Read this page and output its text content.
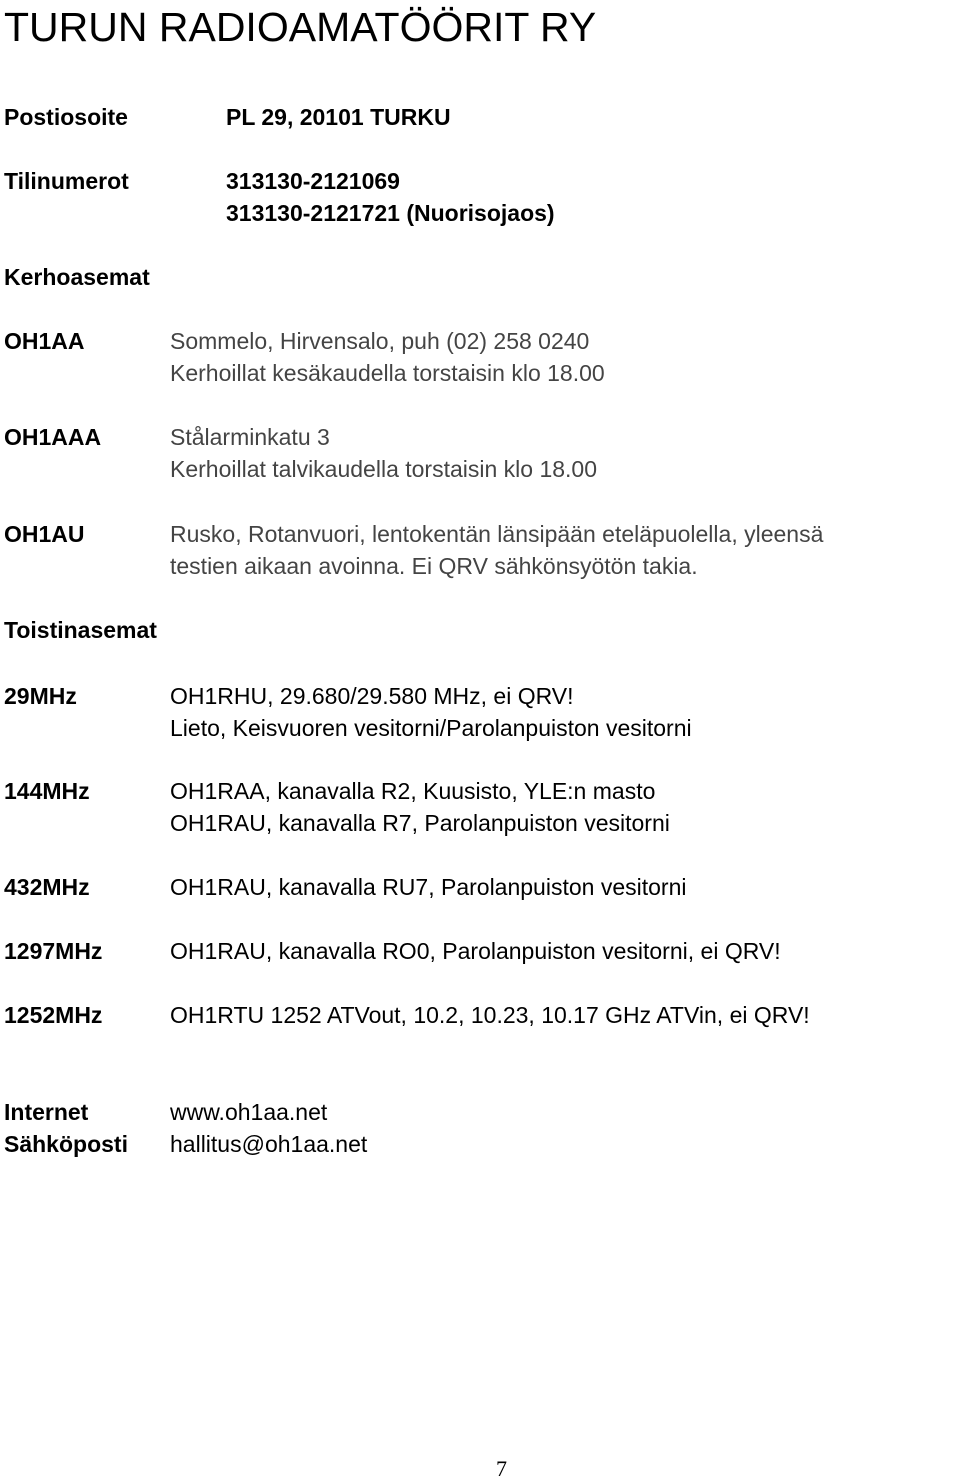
TURUN RADIOAMATÖÖRIT RY
Postiosoite	PL 29, 20101 TURKU
Tilinumerot	313130-2121069
313130-2121721 (Nuorisojaos)
Kerhoasemat
OH1AA	Sommelo, Hirvensalo, puh (02) 258 0240
Kerhoillat kesäkaudella torstaisin klo 18.00
OH1AAA	Stålarminkatu 3
Kerhoillat talvikaudella torstaisin klo 18.00
OH1AU	Rusko, Rotanvuori, lentokentän länsipään eteläpuolella, yleensä
testien aikaan avoinna. Ei QRV sähkönsyötön takia.
Toistinasemat
29MHz	OH1RHU, 29.680/29.580 MHz, ei QRV!
Lieto, Keisvuoren vesitorni/Parolanpuiston vesitorni
144MHz	OH1RAA, kanavalla R2, Kuusisto, YLE:n masto
OH1RAU, kanavalla R7, Parolanpuiston vesitorni
432MHz	OH1RAU, kanavalla RU7, Parolanpuiston vesitorni
1297MHz	OH1RAU, kanavalla RO0, Parolanpuiston vesitorni, ei QRV!
1252MHz	OH1RTU 1252 ATVout, 10.2, 10.23, 10.17 GHz ATVin, ei QRV!
Internet	www.oh1aa.net
Sähköposti hallitus@oh1aa.net
7
